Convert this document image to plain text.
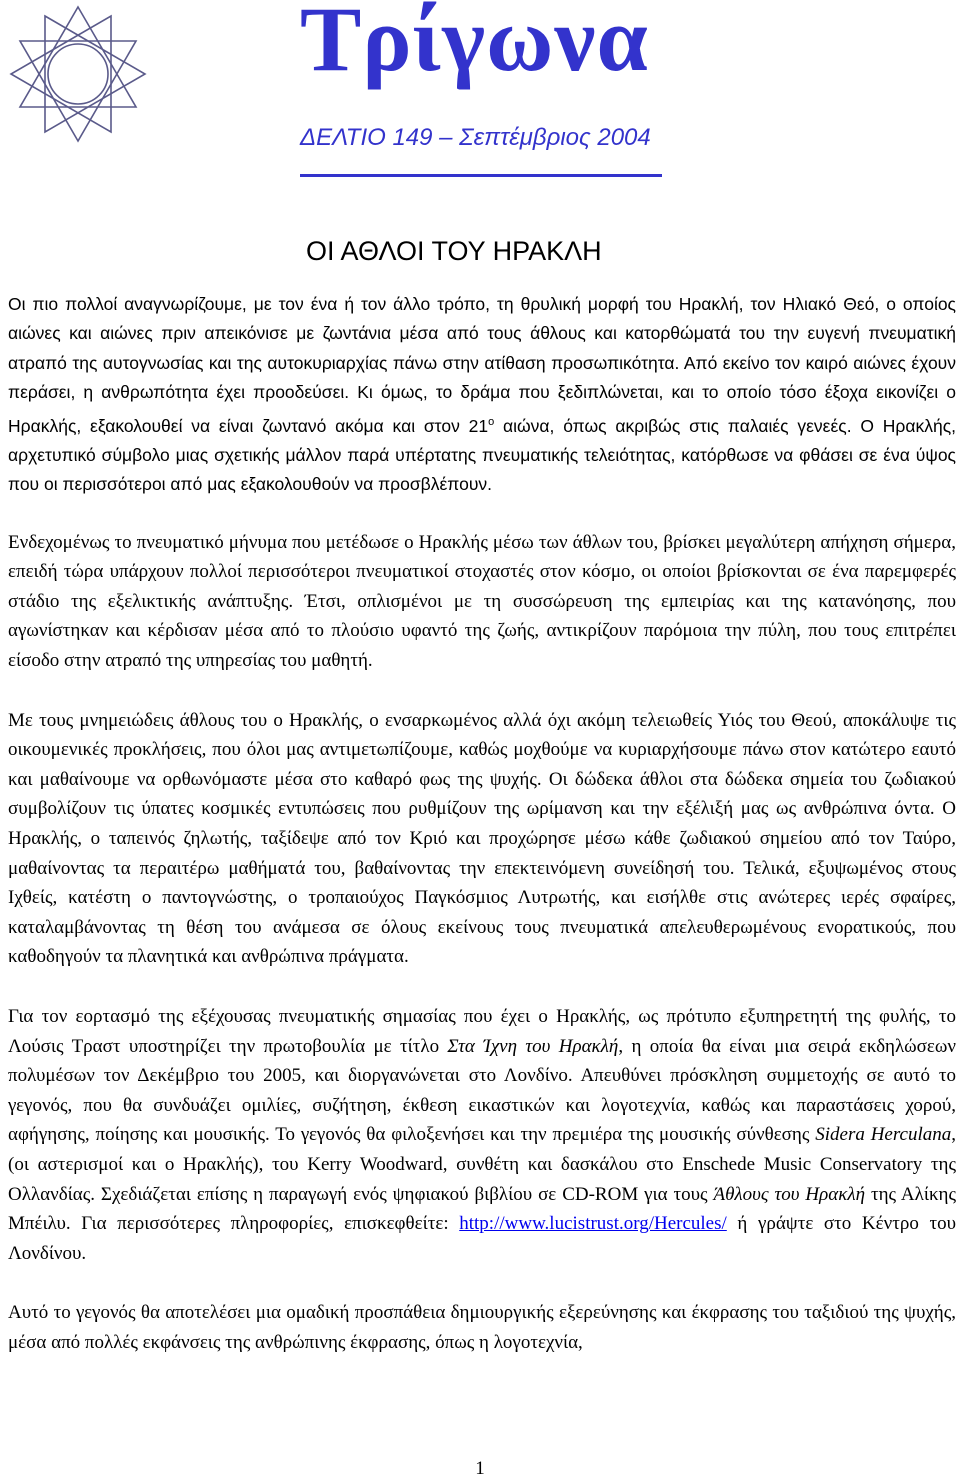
Τρίγωνα

ΔΕΛΤΙΟ 149 – Σεπτέμβριος 2004

ΟΙ ΑΘΛΟΙ ΤΟΥ ΗΡΑΚΛΗ

Οι πιο πολλοί αναγνωρίζουμε, με τον ένα ή τον άλλο τρόπο, τη θρυλική μορφή του Ηρακλή, τον Ηλιακό Θεό, ο οποίος αιώνες και αιώνες πριν απεικόνισε με ζωντάνια μέσα από τους άθλους και κατορθώματά του την ευγενή πνευματική ατραπό της αυτογνωσίας και της αυτοκυριαρχίας πάνω στην ατίθαση προσωπικότητα. Από εκείνο τον καιρό αιώνες έχουν περάσει, η ανθρωπότητα έχει προοδεύσει. Κι όμως, το δράμα που ξεδιπλώνεται, και το οποίο τόσο έξοχα εικονίζει ο Ηρακλής, εξακολουθεί να είναι ζωντανό ακόμα και στον $21^o$ αιώνα, όπως ακριβώς στις παλαιές γενεές. Ο Ηρακλής, αρχετυπικό σύμβολο μιας σχετικής μάλλον παρά υπέρτατης πνευματικής τελειότητας, κατόρθωσε να φθάσει σε ένα ύψος που οι περισσότεροι από μας εξακολουθούν να προσβλέπουν.

Ενδεχομένως το πνευματικό μήνυμα που μετέδωσε ο Ηρακλής μέσω των άθλων του, βρίσκει μεγαλύτερη απήχηση σήμερα, επειδή τώρα υπάρχουν πολλοί περισσότεροι πνευματικοί στοχαστές στον κόσμο, οι οποίοι βρίσκονται σε ένα παρεμφερές στάδιο της εξελικτικής ανάπτυξης. Έτσι, οπλισμένοι με τη συσσώρευση της εμπειρίας και της κατανόησης, που αγωνίστηκαν και κέρδισαν μέσα από το πλούσιο υφαντό της ζωής, αντικρίζουν παρόμοια την πύλη, που τους επιτρέπει είσοδο στην ατραπό της υπηρεσίας του μαθητή.

Με τους μνημειώδεις άθλους του ο Ηρακλής, ο ενσαρκωμένος αλλά όχι ακόμη τελειωθείς Υιός του Θεού, αποκάλυψε τις οικουμενικές προκλήσεις, που όλοι μας αντιμετωπίζουμε, καθώς μοχθούμε να κυριαρχήσουμε πάνω στον κατώτερο εαυτό και μαθαίνουμε να ορθωνόμαστε μέσα στο καθαρό φως της ψυχής. Οι δώδεκα άθλοι στα δώδεκα σημεία του ζωδιακού συμβολίζουν τις ύπατες κοσμικές εντυπώσεις που ρυθμίζουν της ωρίμανση και την εξέλιξή μας ως ανθρώπινα όντα. Ο Ηρακλής, ο ταπεινός ζηλωτής, ταξίδεψε από τον Κριό και προχώρησε μέσω κάθε ζωδιακού σημείου από τον Ταύρο, μαθαίνοντας τα περαιτέρω μαθήματά του, βαθαίνοντας την επεκτεινόμενη συνείδησή του. Τελικά, εξυψωμένος στους Ιχθείς, κατέστη ο παντογνώστης, ο τροπαιούχος Παγκόσμιος Λυτρωτής, και εισήλθε στις ανώτερες ιερές σφαίρες, καταλαμβάνοντας τη θέση του ανάμεσα σε όλους εκείνους τους πνευματικά απελευθερωμένους ενορατικούς, που καθοδηγούν τα πλανητικά και ανθρώπινα πράγματα.

Για τον εορτασμό της εξέχουσας πνευματικής σημασίας που έχει ο Ηρακλής, ως πρότυπο εξυπηρετητή της φυλής, το Λούσις Τραστ υποστηρίζει την πρωτοβουλία με τίτλο Στα Ίχνη του Ηρακλή, η οποία θα είναι μια σειρά εκδηλώσεων πολυμέσων τον Δεκέμβριο του 2005, και διοργανώνεται στο Λονδίνο. Απευθύνει πρόσκληση συμμετοχής σε αυτό το γεγονός, που θα συνδυάζει ομιλίες, συζήτηση, έκθεση εικαστικών και λογοτεχνία, καθώς και παραστάσεις χορού, αφήγησης, ποίησης και μουσικής. Το γεγονός θα φιλοξενήσει και την πρεμιέρα της μουσικής σύνθεσης Sidera Herculana, (οι αστερισμοί και ο Ηρακλής), του Kerry Woodward, συνθέτη και δασκάλου στο Enschede Music Conservatory της Ολλανδίας. Σχεδιάζεται επίσης η παραγωγή ενός ψηφιακού βιβλίου σε CD-ROM για τους Άθλους του Ηρακλή της Αλίκης Μπέιλυ. Για περισσότερες πληροφορίες, επισκεφθείτε: http://www.lucistrust.org/Hercules/ ή γράψτε στο Κέντρο του Λονδίνου.

Αυτό το γεγονός θα αποτελέσει μια ομαδική προσπάθεια δημιουργικής εξερεύνησης και έκφρασης του ταξιδιού της ψυχής, μέσα από πολλές εκφάνσεις της ανθρώπινης έκφρασης, όπως η λογοτεχνία,

1
